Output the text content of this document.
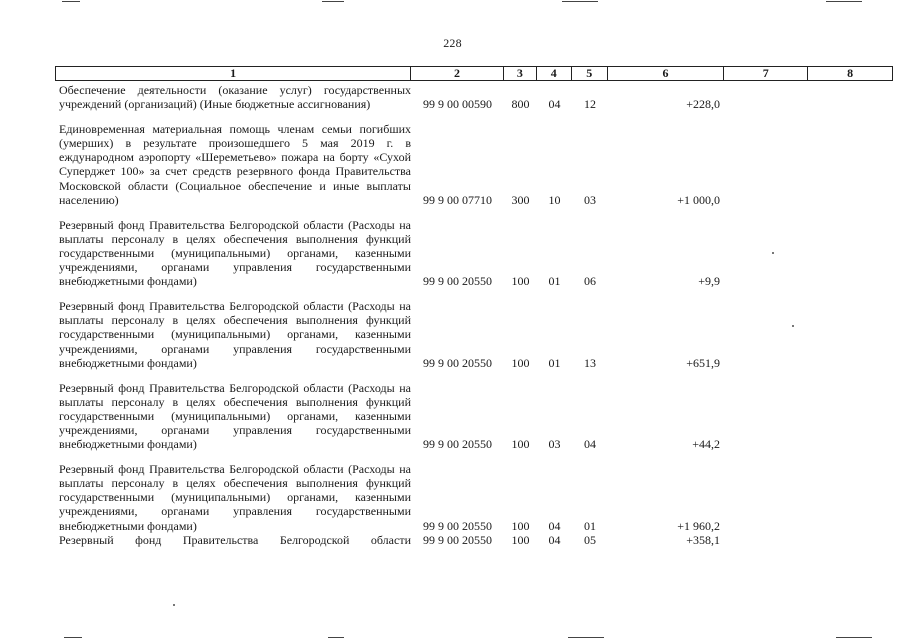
228
1	2	3	4	5	6	7	8
Обеспечение деятельности (оказание услуг) государственных учреждений (организаций) (Иные бюджетные ассигнования)	99 9 00 00590	800	04	12	+228,0
Единовременная материальная помощь членам семьи погибших (умерших) в результате произошедшего 5 мая 2019 г. в еждународном аэропорту «Шереметьево» пожара на борту «Сухой Суперджет 100» за счет средств резервного фонда Правительства Московской области (Социальное обеспечение и иные выплаты населению)	99 9 00 07710	300	10	03	+1 000,0
Резервный фонд Правительства Белгородской области (Расходы на выплаты персоналу в целях обеспечения выполнения функций государственными (муниципальными) органами, казенными учреждениями, органами управления государственными внебюджетными фондами)	99 9 00 20550	100	01	06	+9,9
Резервный фонд Правительства Белгородской области (Расходы на выплаты персоналу в целях обеспечения выполнения функций государственными (муниципальными) органами, казенными учреждениями, органами управления государственными внебюджетными фондами)	99 9 00 20550	100	01	13	+651,9
Резервный фонд Правительства Белгородской области (Расходы на выплаты персоналу в целях обеспечения выполнения функций государственными (муниципальными) органами, казенными учреждениями, органами управления государственными внебюджетными фондами)	99 9 00 20550	100	03	04	+44,2
Резервный фонд Правительства Белгородской области (Расходы на выплаты персоналу в целях обеспечения выполнения функций государственными (муниципальными) органами, казенными учреждениями, органами управления государственными внебюджетными фондами)	99 9 00 20550	100	04	01	+1 960,2
Резервный фонд Правительства Белгородской области	99 9 00 20550	100	04	05	+358,1
